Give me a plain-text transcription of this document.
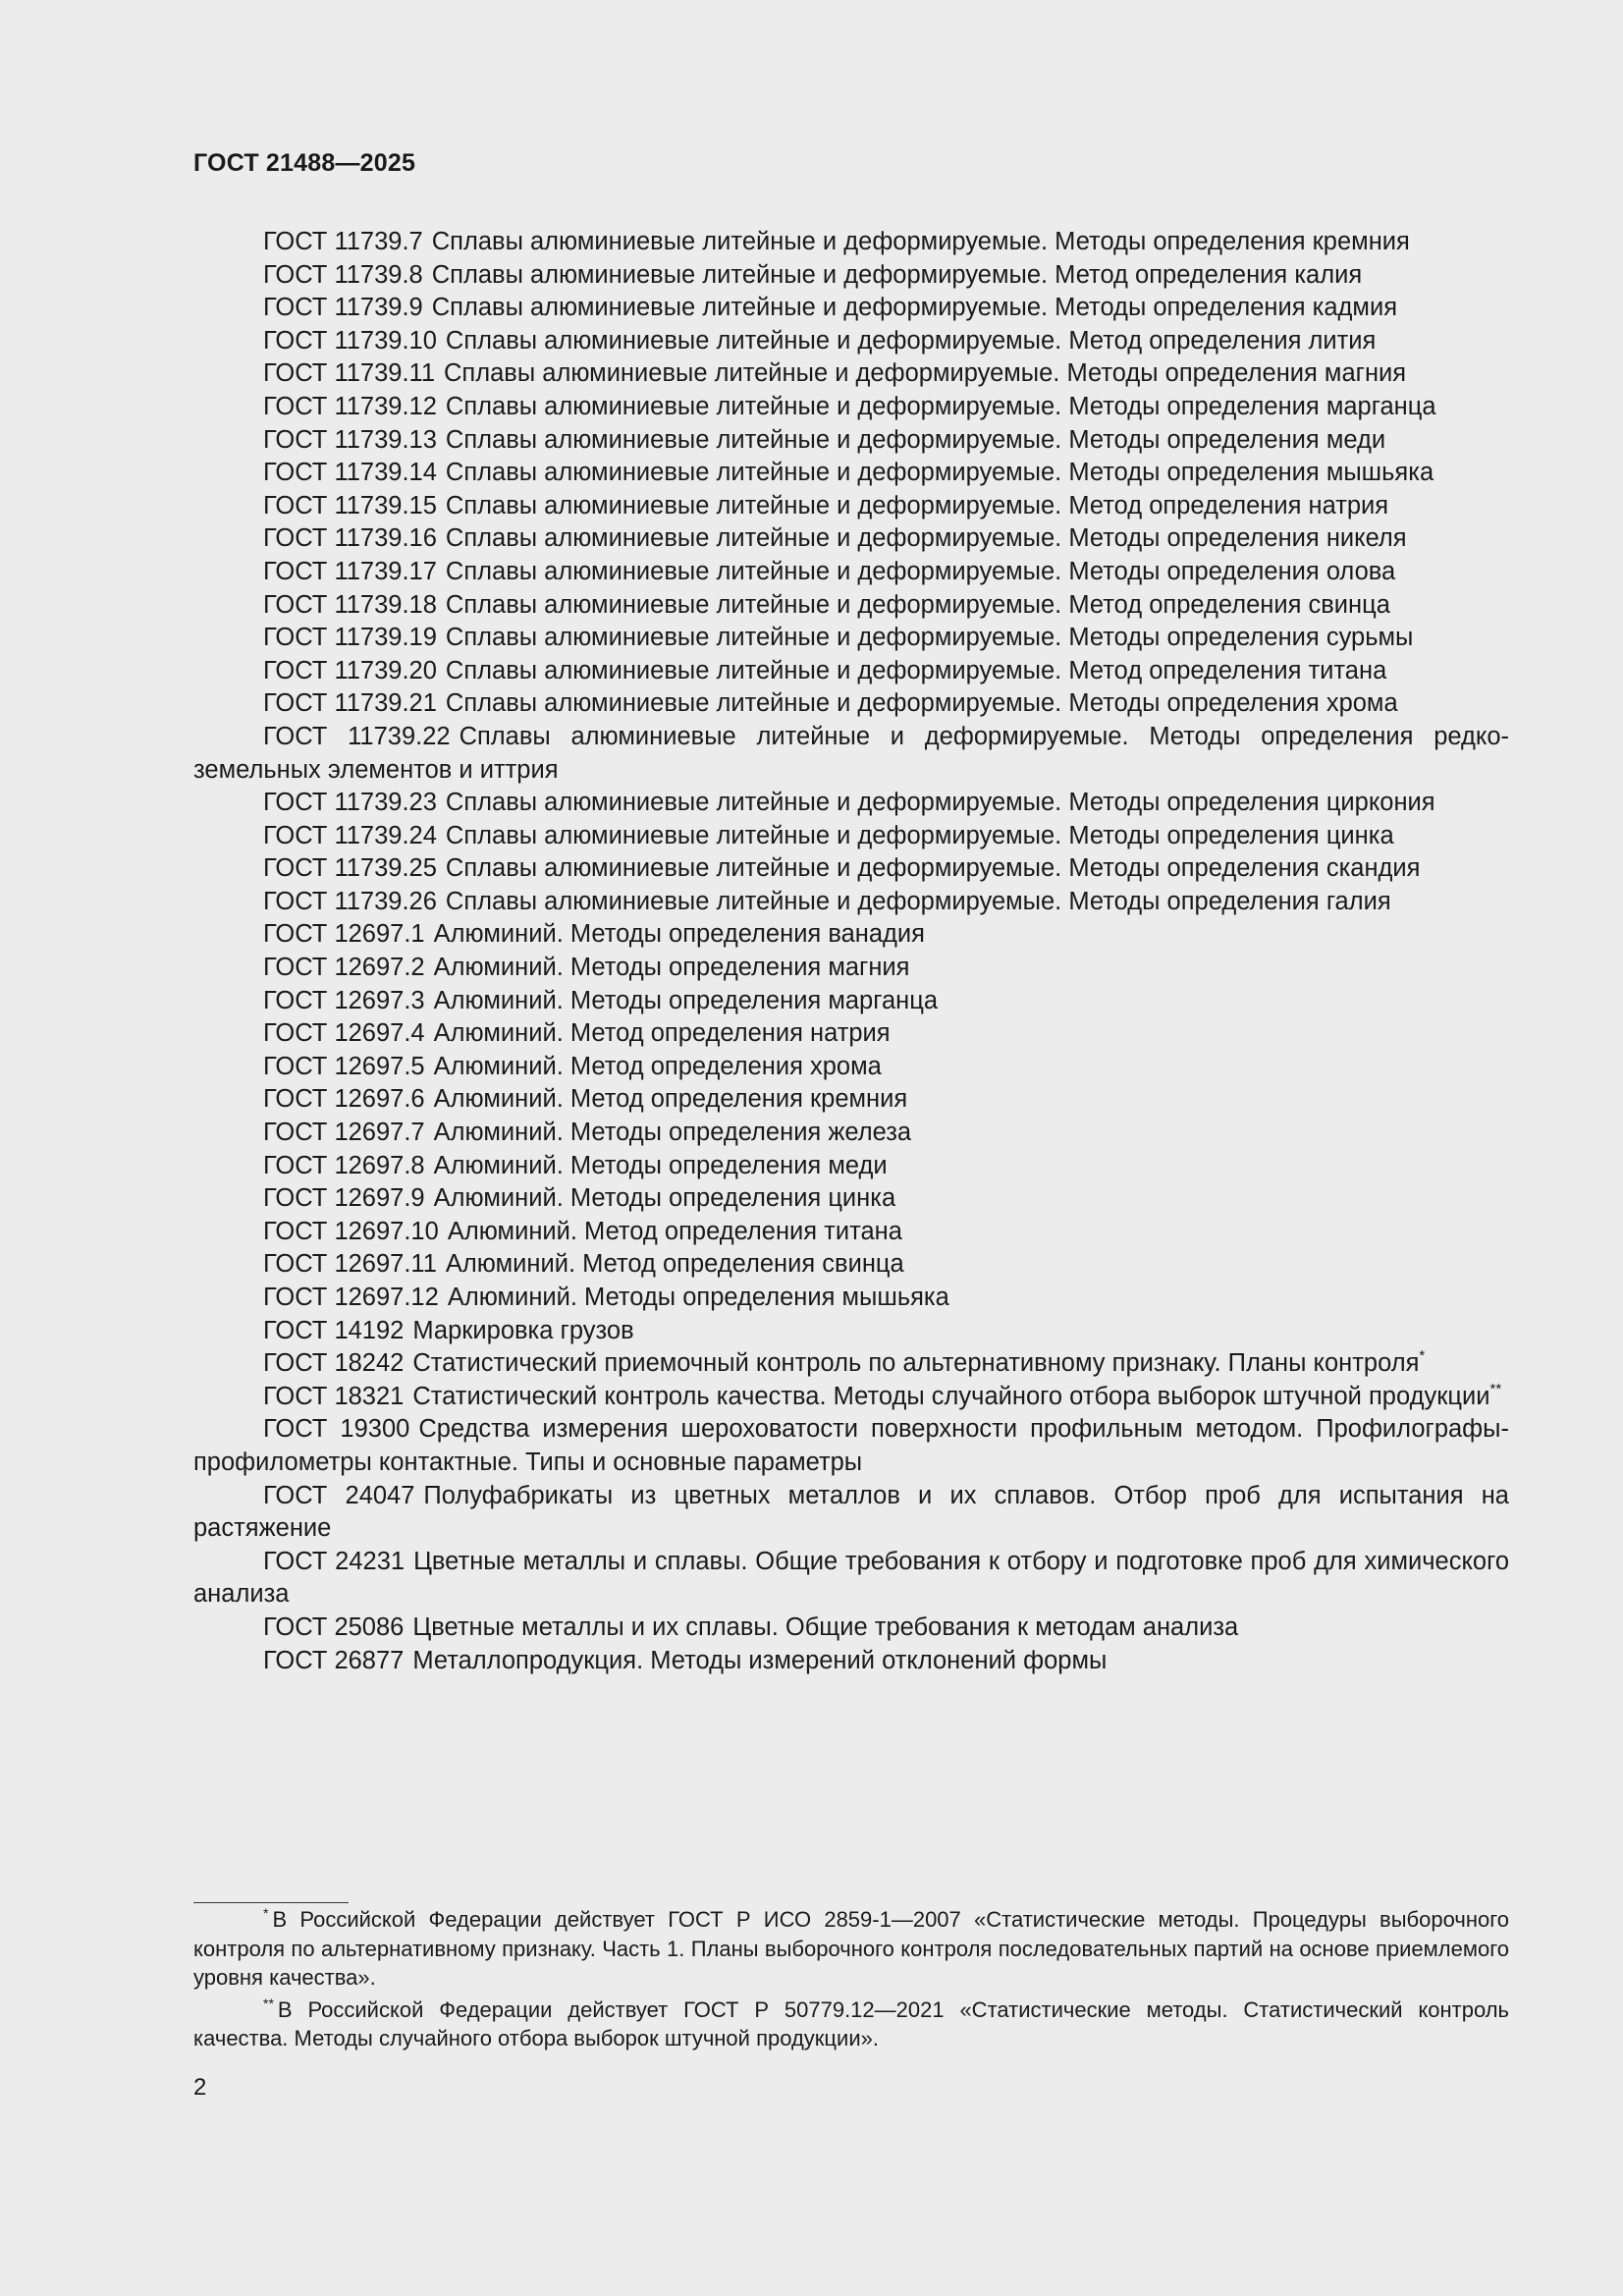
ГОСТ 21488—2025

ГОСТ 11739.7 Сплавы алюминиевые литейные и деформируемые. Методы определения кремния

ГОСТ 11739.8 Сплавы алюминиевые литейные и деформируемые. Метод определения калия

ГОСТ 11739.9 Сплавы алюминиевые литейные и деформируемые. Методы определения кадмия

ГОСТ 11739.10 Сплавы алюминиевые литейные и деформируемые. Метод определения лития

ГОСТ 11739.11 Сплавы алюминиевые литейные и деформируемые. Методы определения магния

ГОСТ 11739.12 Сплавы алюминиевые литейные и деформируемые. Методы определения марганца

ГОСТ 11739.13 Сплавы алюминиевые литейные и деформируемые. Методы определения меди

ГОСТ 11739.14 Сплавы алюминиевые литейные и деформируемые. Методы определения мышьяка

ГОСТ 11739.15 Сплавы алюминиевые литейные и деформируемые. Метод определения натрия

ГОСТ 11739.16 Сплавы алюминиевые литейные и деформируемые. Методы определения никеля

ГОСТ 11739.17 Сплавы алюминиевые литейные и деформируемые. Методы определения олова

ГОСТ 11739.18 Сплавы алюминиевые литейные и деформируемые. Метод определения свинца

ГОСТ 11739.19 Сплавы алюминиевые литейные и деформируемые. Методы определения сурьмы

ГОСТ 11739.20 Сплавы алюминиевые литейные и деформируемые. Метод определения титана

ГОСТ 11739.21 Сплавы алюминиевые литейные и деформируемые. Методы определения хрома

ГОСТ 11739.22 Сплавы алюминиевые литейные и деформируемые. Методы определения редкоземельных элементов и иттрия

ГОСТ 11739.23 Сплавы алюминиевые литейные и деформируемые. Методы определения циркония

ГОСТ 11739.24 Сплавы алюминиевые литейные и деформируемые. Методы определения цинка

ГОСТ 11739.25 Сплавы алюминиевые литейные и деформируемые. Методы определения скандия

ГОСТ 11739.26 Сплавы алюминиевые литейные и деформируемые. Методы определения галия

ГОСТ 12697.1 Алюминий. Методы определения ванадия

ГОСТ 12697.2 Алюминий. Методы определения магния

ГОСТ 12697.3 Алюминий. Методы определения марганца

ГОСТ 12697.4 Алюминий. Метод определения натрия

ГОСТ 12697.5 Алюминий. Метод определения хрома

ГОСТ 12697.6 Алюминий. Метод определения кремния

ГОСТ 12697.7 Алюминий. Методы определения железа

ГОСТ 12697.8 Алюминий. Методы определения меди

ГОСТ 12697.9 Алюминий. Методы определения цинка

ГОСТ 12697.10 Алюминий. Метод определения титана

ГОСТ 12697.11 Алюминий. Метод определения свинца

ГОСТ 12697.12 Алюминий. Методы определения мышьяка

ГОСТ 14192 Маркировка грузов

ГОСТ 18242 Статистический приемочный контроль по альтернативному признаку. Планы контроля*

ГОСТ 18321 Статистический контроль качества. Методы случайного отбора выборок штучной продукции**

ГОСТ 19300 Средства измерения шероховатости поверхности профильным методом. Профилографы-профилометры контактные. Типы и основные параметры

ГОСТ 24047 Полуфабрикаты из цветных металлов и их сплавов. Отбор проб для испытания на растяжение

ГОСТ 24231 Цветные металлы и сплавы. Общие требования к отбору и подготовке проб для химического анализа

ГОСТ 25086 Цветные металлы и их сплавы. Общие требования к методам анализа

ГОСТ 26877 Металлопродукция. Методы измерений отклонений формы

* В Российской Федерации действует ГОСТ Р ИСО 2859-1—2007 «Статистические методы. Процедуры выборочного контроля по альтернативному признаку. Часть 1. Планы выборочного контроля последовательных партий на основе приемлемого уровня качества».

** В Российской Федерации действует ГОСТ Р 50779.12—2021 «Статистические методы. Статистический контроль качества. Методы случайного отбора выборок штучной продукции».

2
